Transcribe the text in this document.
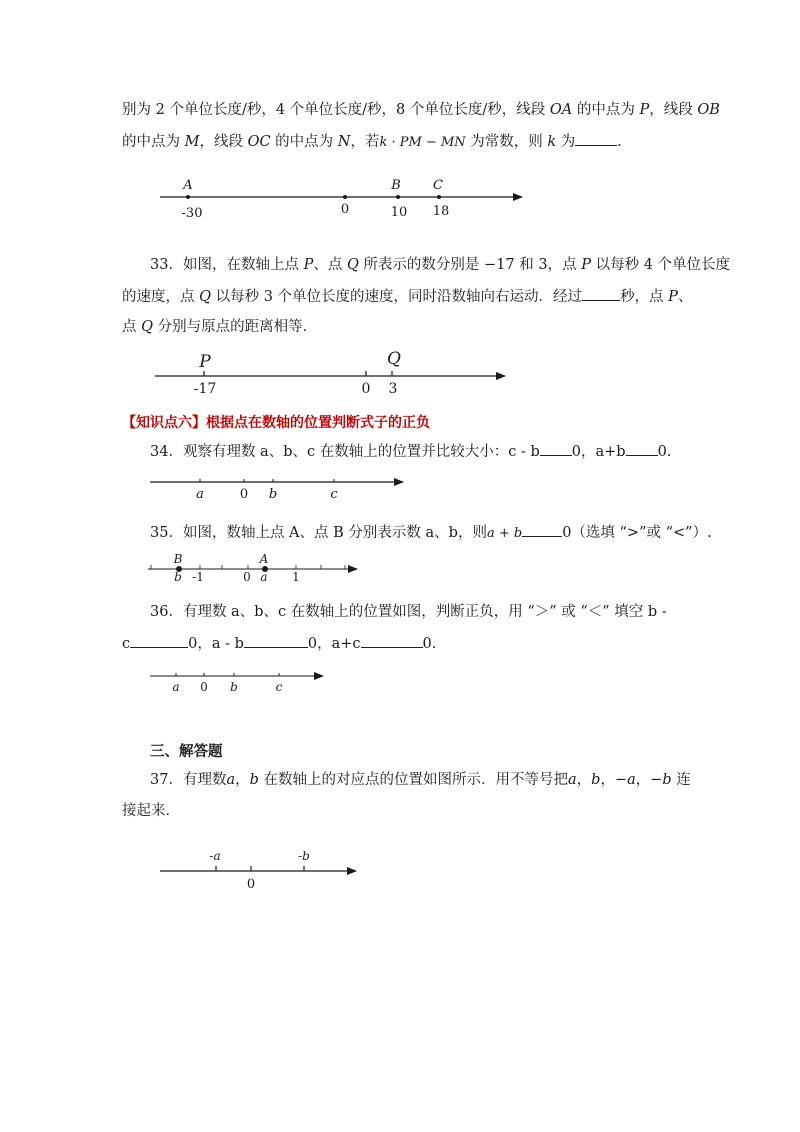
别为 2 个单位长度/秒，4 个单位长度/秒，8 个单位长度/秒，线段 OA 的中点为 P，线段 OB
的中点为 M，线段 OC 的中点为 N，若k · PM − MN 为常数，则 k 为	.
33．如图，在数轴上点 P、点 Q 所表示的数分别是 −17 和 3，点 P 以每秒 4 个单位长度
的速度，点 Q 以每秒 3 个单位长度的速度，同时沿数轴向右运动．经过	秒，点 P、
点 Q 分别与原点的距离相等．
【知识点六】根据点在数轴的位置判断式子的正负
34．观察有理数 a、b、c 在数轴上的位置并比较大小：c - b 0，a+b 0.
35．如图，数轴上点 A、点 B 分别表示数 a、b，则a + b	0（选填 “>”或 “<”）.
36．有理数 a、b、c 在数轴上的位置如图，判断正负，用 “＞” 或 “＜” 填空 b -
c	0，a - b	0，a+c	0.
三、解答题
37．有理数a，b 在数轴上的对应点的位置如图所示．用不等号把a，b，−a，−b 连
接起来．
A	B C
-30	0	10 18
P	Q
-17	0 3
a	0 b	c
B	A
b -1	0 a 1
a 0 b	c
-a	-b
0
